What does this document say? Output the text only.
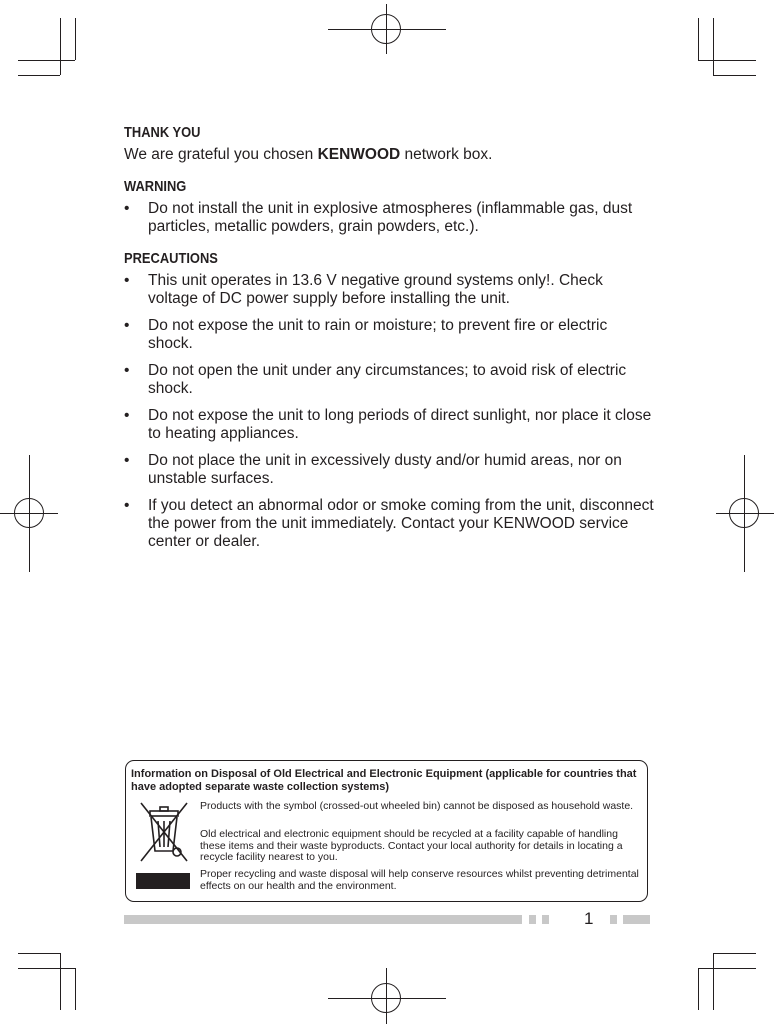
THANK YOU

We are grateful you chosen KENWOOD network box.

WARNING
• Do not install the unit in explosive atmospheres (inflammable gas, dust particles, metallic powders, grain powders, etc.).
PRECAUTIONS
• This unit operates in 13.6 V negative ground systems only!. Check voltage of DC power supply before installing the unit.
• Do not expose the unit to rain or moisture; to prevent fire or electric shock.
• Do not open the unit under any circumstances; to avoid risk of electric shock.
• Do not expose the unit to long periods of direct sunlight, nor place it close to heating appliances.
• Do not place the unit in excessively dusty and/or humid areas, nor on unstable surfaces.
• If you detect an abnormal odor or smoke coming from the unit, disconnect the power from the unit immediately. Contact your KENWOOD service center or dealer.
Information on Disposal of Old Electrical and Electronic Equipment (applicable for countries that have adopted separate waste collection systems)
Products with the symbol (crossed-out wheeled bin) cannot be disposed as household waste.
Old electrical and electronic equipment should be recycled at a facility capable of handling these items and their waste byproducts. Contact your local authority for details in locating a recycle facility nearest to you.
Proper recycling and waste disposal will help conserve resources whilst preventing detrimental effects on our health and the environment.
1
